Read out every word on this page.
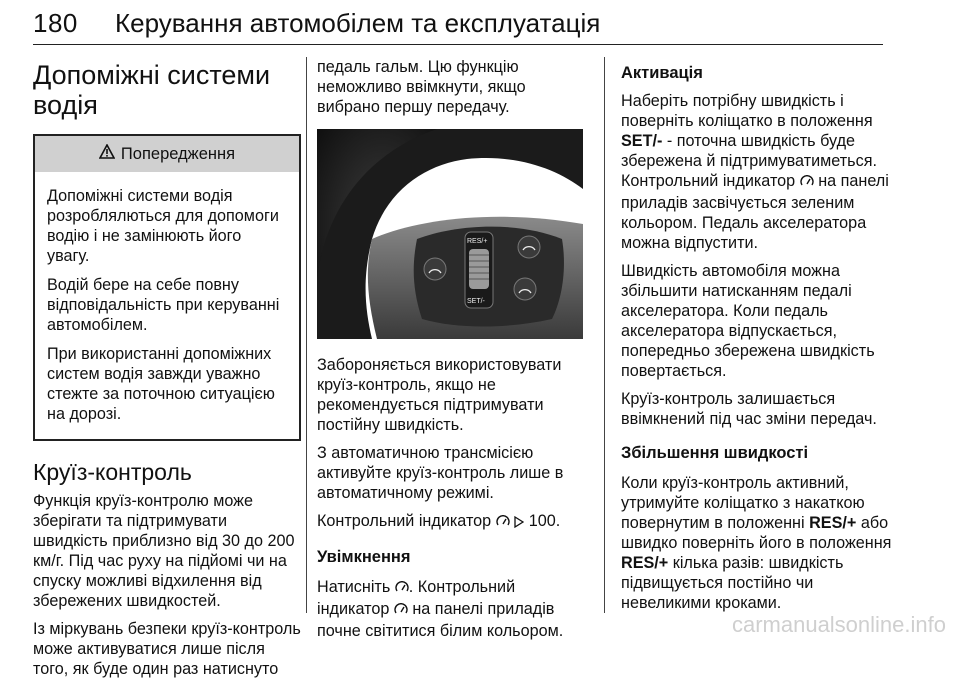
180 Керування автомобілем та експлуатація
Допоміжні системи
водія
Попередження

Допоміжні системи водія розроблялються для допомоги водію і не замінюють його увагу.

Водій бере на себе повну відповідальність при керуванні автомобілем.

При використанні допоміжних систем водія завжди уважно стежте за поточною ситуацією на дорозі.

Круїз-контроль

Функція круїз-контролю може зберігати та підтримувати швидкість приблизно від 30 до 200 км/г. Під час руху на підйомі чи на спуску можливі відхилення від збережених швидкостей.

Із міркувань безпеки круїз-контроль може активуватися лише після того, як буде один раз натиснуто

педаль гальм. Цю функцію неможливо ввімкнути, якщо вибрано першу передачу.

RES/+
SET/-

Забороняється використовувати круїз-контроль, якщо не рекомендується підтримувати постійну швидкість.

З автоматичною трансмісією активуйте круїз-контроль лише в автоматичному режимі.

Контрольний індикатор 100.

Увімкнення

Натисніть . Контрольний індикатор на панелі приладів почне світитися білим кольором.

Активація

Наберіть потрібну швидкість і поверніть коліщатко в положення SET/- - поточна швидкість буде збережена й підтримуватиметься. Контрольний індикатор на панелі приладів засвічується зеленим кольором. Педаль акселератора можна відпустити.

Швидкість автомобіля можна збільшити натисканням педалі акселератора. Коли педаль акселератора відпускається, попередньо збережена швидкість повертається.

Круїз-контроль залишається ввімкнений під час зміни передач.

Збільшення швидкості

Коли круїз-контроль активний, утримуйте коліщатко з накаткою повернутим в положенні RES/+ або швидко поверніть його в положення RES/+ кілька разів: швидкість підвищується постійно чи невеликими кроками.

carmanualsonline.info
